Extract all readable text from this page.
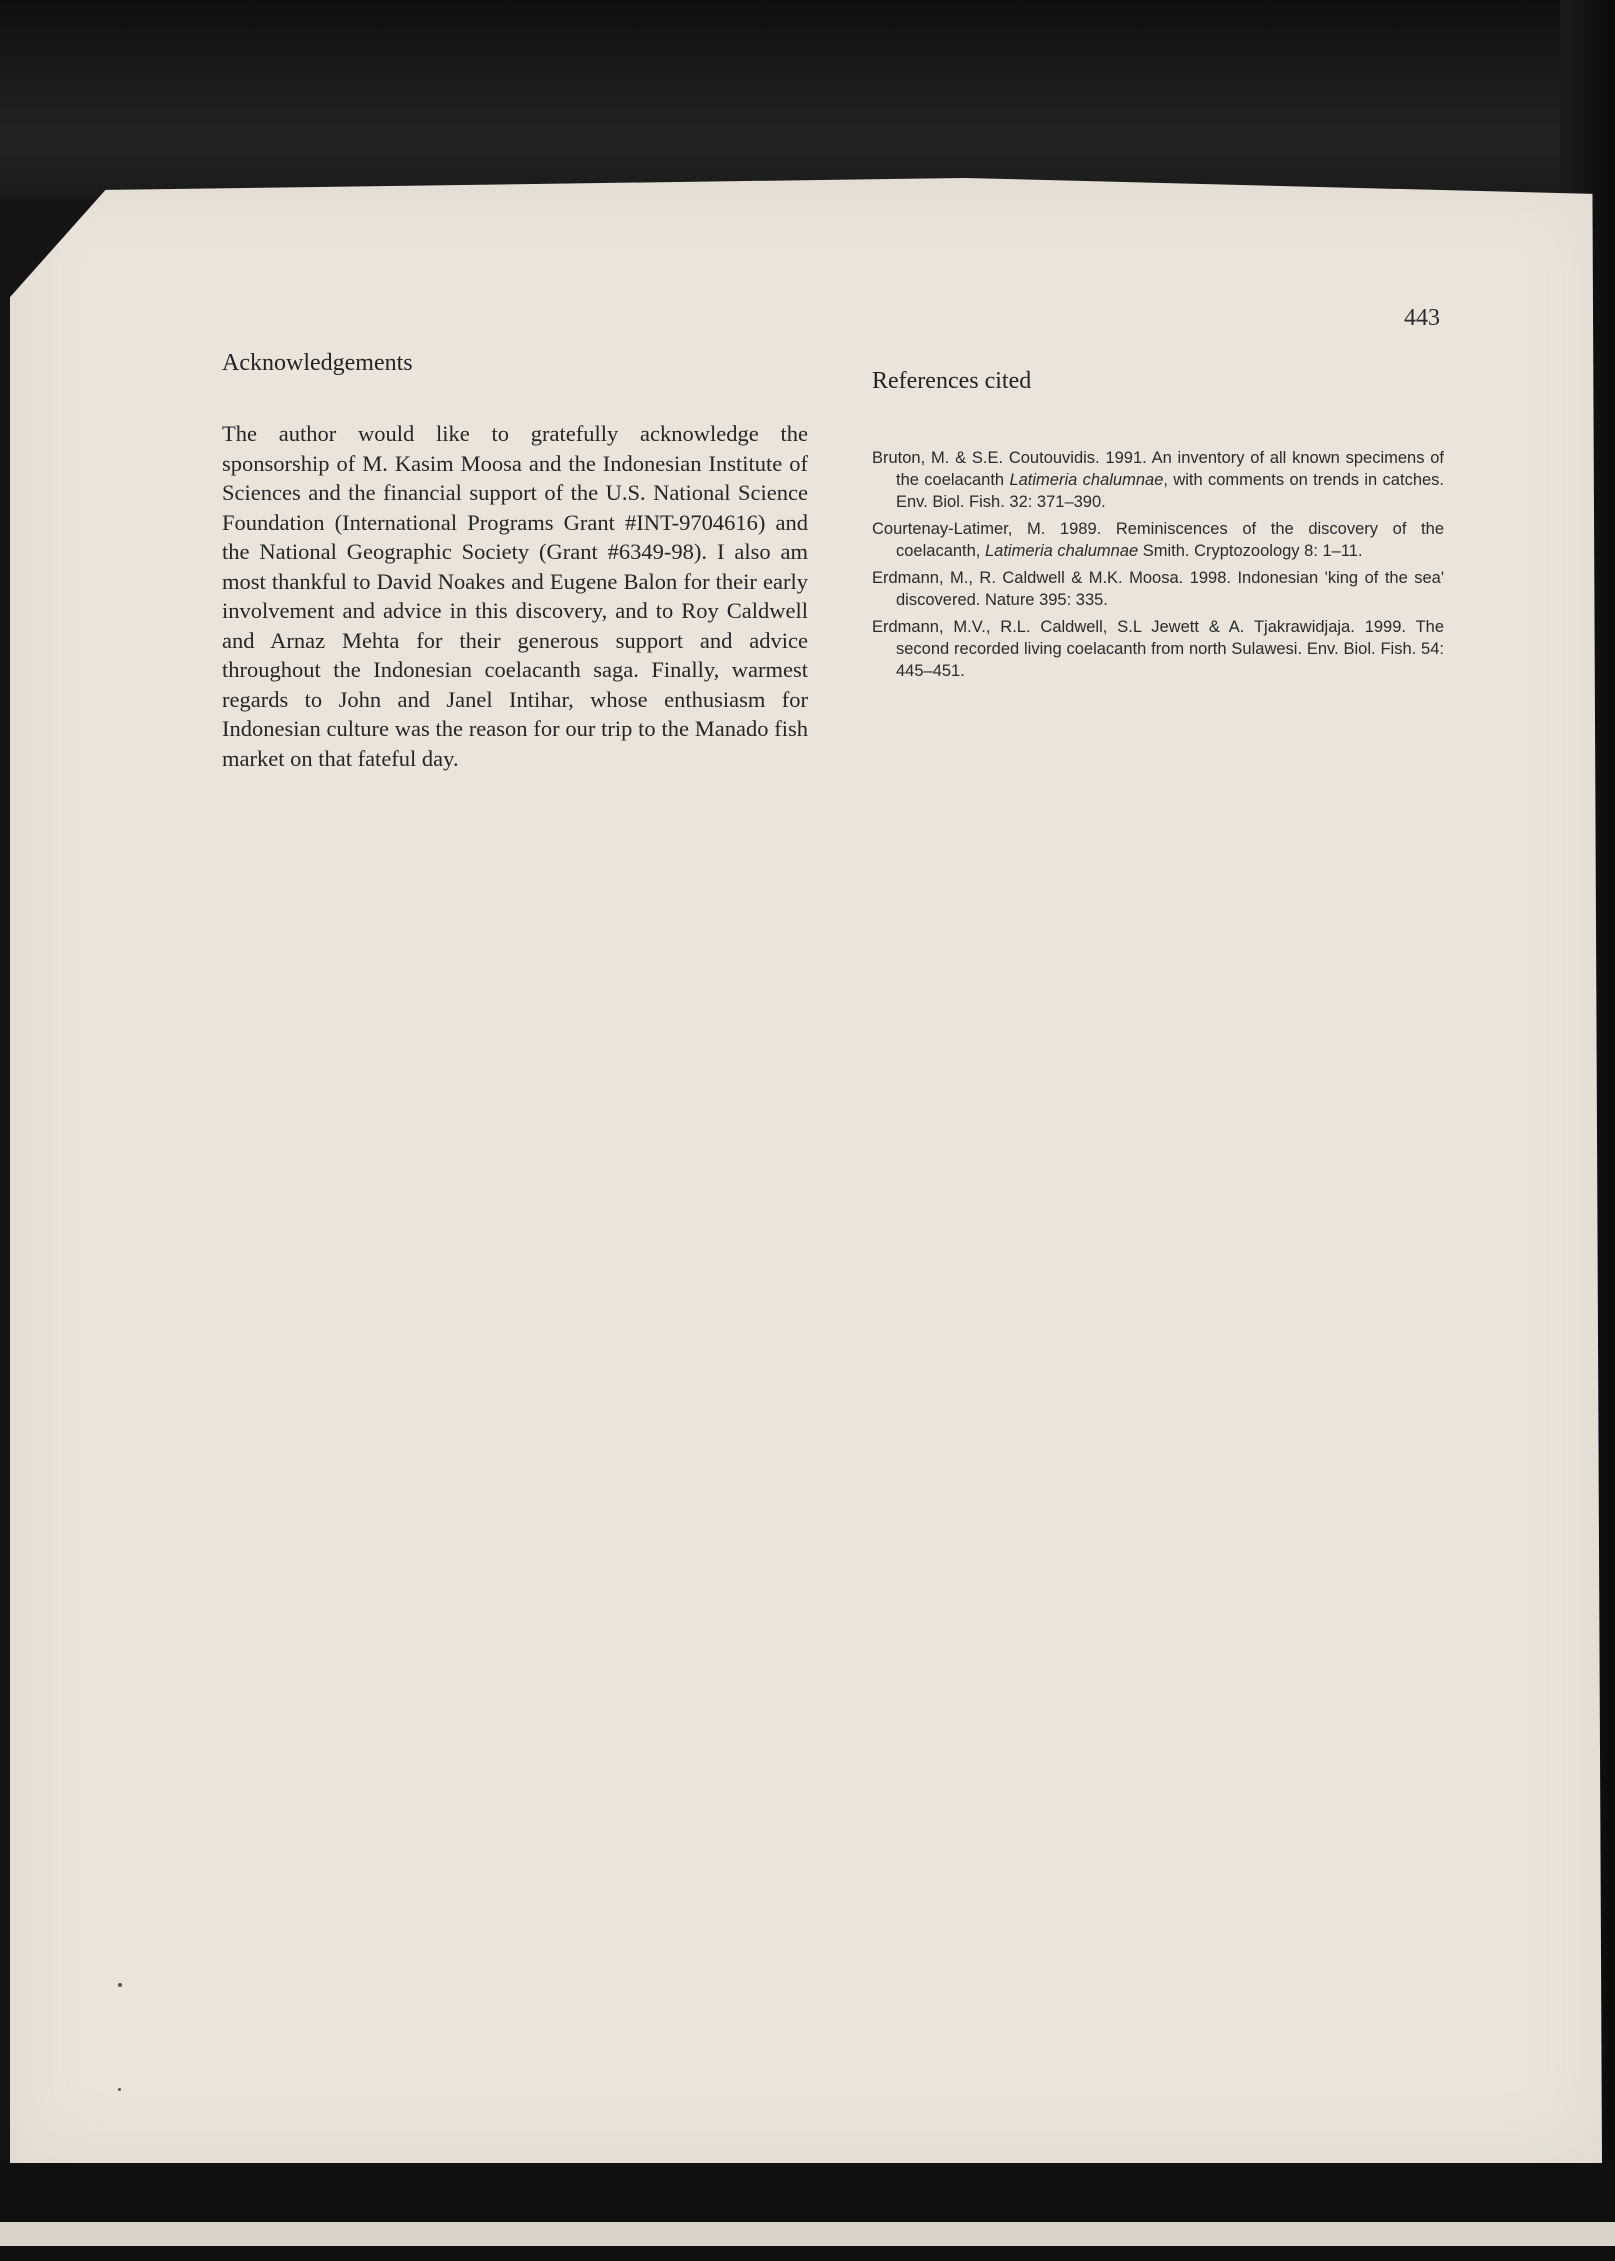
443
Acknowledgements

The author would like to gratefully acknowledge the sponsorship of M. Kasim Moosa and the Indonesian Institute of Sciences and the financial support of the U.S. National Science Foundation (International Programs Grant #INT-9704616) and the National Geographic Society (Grant #6349-98). I also am most thankful to David Noakes and Eugene Balon for their early involvement and advice in this discovery, and to Roy Caldwell and Arnaz Mehta for their generous support and advice throughout the Indonesian coelacanth saga. Finally, warmest regards to John and Janel Intihar, whose enthusiasm for Indonesian culture was the reason for our trip to the Manado fish market on that fateful day.

References cited
Bruton, M. & S.E. Coutouvidis. 1991. An inventory of all known specimens of the coelacanth Latimeria chalumnae, with comments on trends in catches. Env. Biol. Fish. 32: 371–390.
Courtenay-Latimer, M. 1989. Reminiscences of the discovery of the coelacanth, Latimeria chalumnae Smith. Cryptozoology 8: 1–11.
Erdmann, M., R. Caldwell & M.K. Moosa. 1998. Indonesian 'king of the sea' discovered. Nature 395: 335.
Erdmann, M.V., R.L. Caldwell, S.L Jewett & A. Tjakrawidjaja. 1999. The second recorded living coelacanth from north Sulawesi. Env. Biol. Fish. 54: 445–451.
